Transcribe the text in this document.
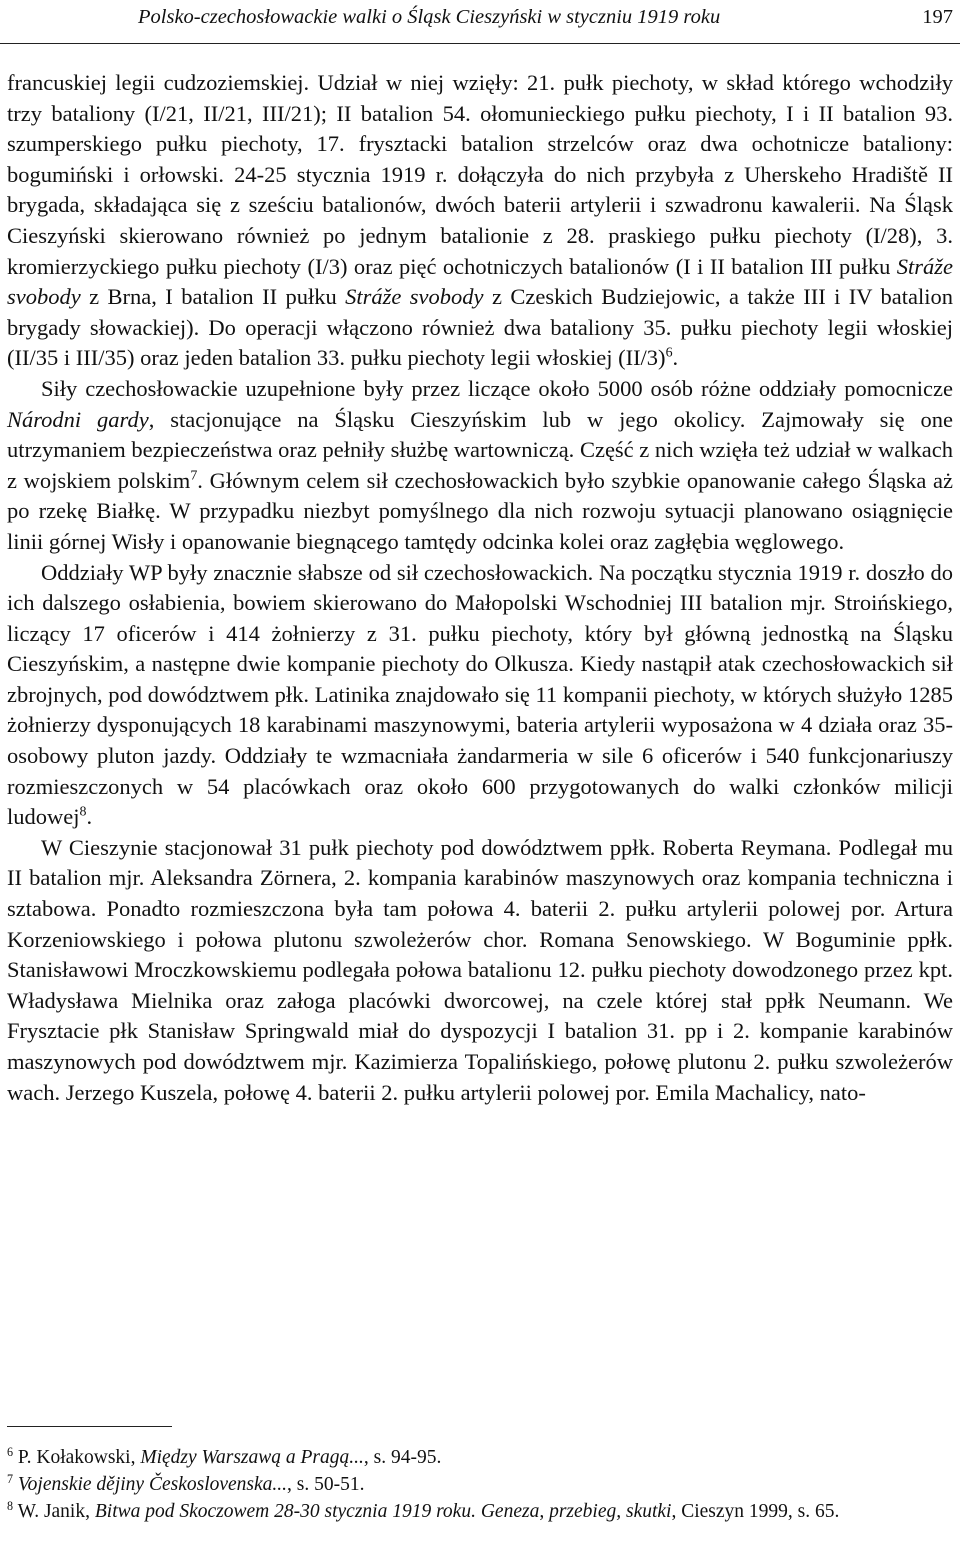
Polsko-czechosłowackie walki o Śląsk Cieszyński w styczniu 1919 roku	197

francuskiej legii cudzoziemskiej. Udział w niej wzięły: 21. pułk piechoty, w skład którego wchodziły trzy bataliony (I/21, II/21, III/21); II batalion 54. ołomunieckiego pułku piechoty, I i II batalion 93. szumperskiego pułku piechoty, 17. frysztacki batalion strzelców oraz dwa ochotnicze bataliony: bogumiński i orłowski. 24-25 stycznia 1919 r. dołączyła do nich przybyła z Uherskeho Hradiště II brygada, składająca się z sześciu batalionów, dwóch baterii artylerii i szwadronu kawalerii. Na Śląsk Cieszyński skierowano również po jednym batalionie z 28. praskiego pułku piechoty (I/28), 3. kromierzyckiego pułku piechoty (I/3) oraz pięć ochotniczych batalionów (I i II batalion III pułku Stráže svobody z Brna, I batalion II pułku Stráže svobody z Czeskich Budziejowic, a także III i IV batalion brygady słowackiej). Do operacji włączono również dwa bataliony 35. pułku piechoty legii włoskiej (II/35 i III/35) oraz jeden batalion 33. pułku piechoty legii włoskiej $(II/3)^6$.

Siły czechosłowackie uzupełnione były przez liczące około 5000 osób różne oddziały pomocnicze Národni gardy, stacjonujące na Śląsku Cieszyńskim lub w jego okolicy. Zajmowały się one utrzymaniem bezpieczeństwa oraz pełniły służbę wartowniczą. Część z nich wzięła też udział w walkach z wojskiem polskim$^7$. Głównym celem sił czechosłowackich było szybkie opanowanie całego Śląska aż po rzekę Białkę. W przypadku niezbyt pomyślnego dla nich rozwoju sytuacji planowano osiągnięcie linii górnej Wisły i opanowanie biegnącego tamtędy odcinka kolei oraz zagłębia węglowego.

Oddziały WP były znacznie słabsze od sił czechosłowackich. Na początku stycznia 1919 r. doszło do ich dalszego osłabienia, bowiem skierowano do Małopolski Wschodniej III batalion mjr. Stroińskiego, liczący 17 oficerów i 414 żołnierzy z 31. pułku piechoty, który był główną jednostką na Śląsku Cieszyńskim, a następne dwie kompanie piechoty do Olkusza. Kiedy nastąpił atak czechosłowackich sił zbrojnych, pod dowództwem płk. Latinika znajdowało się 11 kompanii piechoty, w których służyło 1285 żołnierzy dysponujących 18 karabinami maszynowymi, bateria artylerii wyposażona w 4 działa oraz 35-osobowy pluton jazdy. Oddziały te wzmacniała żandarmeria w sile 6 oficerów i 540 funkcjonariuszy rozmieszczonych w 54 placówkach oraz około 600 przygotowanych do walki członków milicji ludowej$^8$.

W Cieszynie stacjonował 31 pułk piechoty pod dowództwem ppłk. Roberta Reymana. Podlegał mu II batalion mjr. Aleksandra Zörnera, 2. kompania karabinów maszynowych oraz kompania techniczna i sztabowa. Ponadto rozmieszczona była tam połowa 4. baterii 2. pułku artylerii polowej por. Artura Korzeniowskiego i połowa plutonu szwoleżerów chor. Romana Senowskiego. W Boguminie ppłk. Stanisławowi Mroczkowskiemu podlegała połowa batalionu 12. pułku piechoty dowodzonego przez kpt. Władysława Mielnika oraz załoga placówki dworcowej, na czele której stał ppłk Neumann. We Frysztacie płk Stanisław Springwald miał do dyspozycji I batalion 31. pp i 2. kompanie karabinów maszynowych pod dowództwem mjr. Kazimierza Topalińskiego, połowę plutonu 2. pułku szwoleżerów wach. Jerzego Kuszela, połowę 4. baterii 2. pułku artylerii polowej por. Emila Machalicy, nato-

$^6$ P. Kołakowski, Między Warszawą a Pragą..., s. 94-95.

$^7$ Vojenskie dějiny Československa..., s. 50-51.

$^8$ W. Janik, Bitwa pod Skoczowem 28-30 stycznia 1919 roku. Geneza, przebieg, skutki, Cieszyn 1999, s. 65.
